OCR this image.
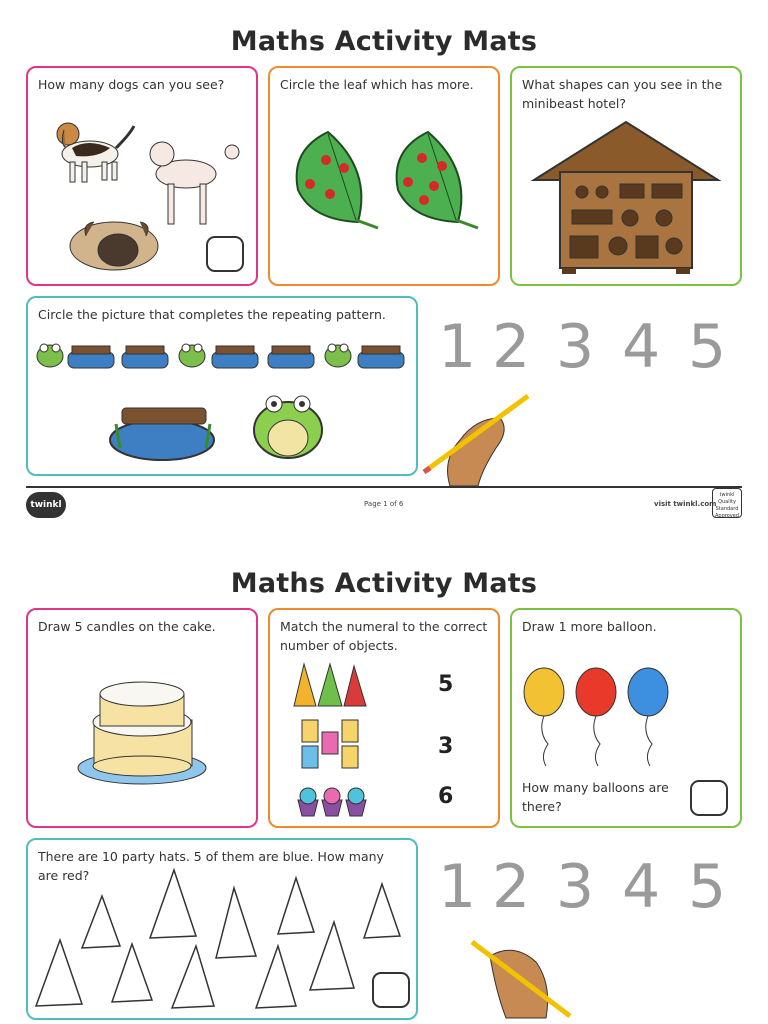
Maths Activity Mats
How many dogs can you see?	Circle the leaf which has more.	What shapes can you see in the minibeast hotel?
Circle the picture that completes the repeating pattern. 1 2 3 4 5
twinkl	Page 1 of 6	visit twinkl.com
twinkl
Quality Standard Approved
Maths Activity Mats
Draw 5 candles on the cake.	Match the numeral to the correct number of objects.
5
3
6
Draw 1 more balloon.
How many balloons are there?
There are 10 party hats. 5 of them are blue. How many are red?	1 2 3 4 5
